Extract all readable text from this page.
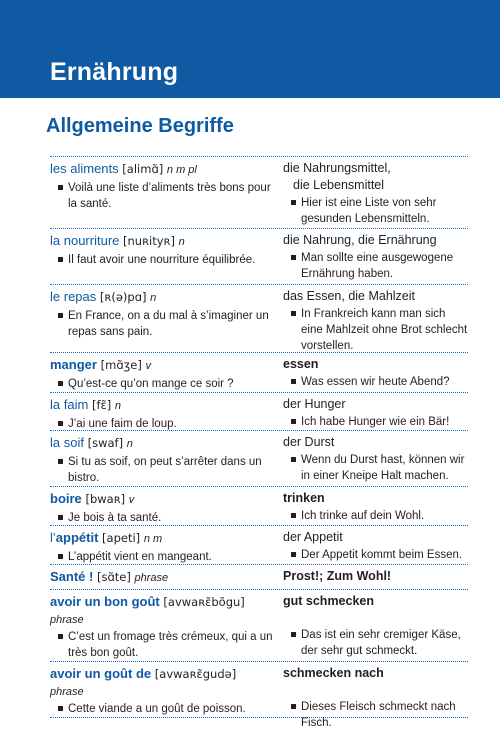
Ernährung
Allgemeine Begriffe
les aliments [alimɑ̃] n m pl
Voilà une liste d’aliments très bons pour la santé.
die Nahrungsmittel,
die Lebensmittel
Hier ist eine Liste von sehr gesunden Lebensmitteln.
la nourriture [nuʀityʀ] n
Il faut avoir une nourriture équilibrée.
die Nahrung, die Ernährung
Man sollte eine ausgewogene Ernährung haben.
le repas [ʀ(ə)pɑ] n
En France, on a du mal à s’imaginer un repas sans pain.
das Essen, die Mahlzeit
In Frankreich kann man sich eine Mahlzeit ohne Brot schlecht vorstellen.
manger [mɑ̃ʒe] v
Qu’est-ce qu’on mange ce soir ?
essen
Was essen wir heute Abend?
la faim [fɛ̃] n
J’ai une faim de loup.
der Hunger
Ich habe Hunger wie ein Bär!
la soif [swaf] n
Si tu as soif, on peut s’arrêter dans un bistro.
der Durst
Wenn du Durst hast, können wir in einer Kneipe Halt machen.
boire [bwaʀ] v
Je bois à ta santé.
trinken
Ich trinke auf dein Wohl.
l’appétit [apeti] n m
L’appétit vient en mangeant.
der Appetit
Der Appetit kommt beim Essen.
Santé ! [sɑ̃te] phrase	Prost!; Zum Wohl!
avoir un bon goût [avwaʀɛ̃bõgu]
phrase
C’est un fromage très crémeux, qui a un très bon goût.
gut schmecken
Das ist ein sehr cremiger Käse, der sehr gut schmeckt.
avoir un goût de [avwaʀɛ̃gudə]
phrase
Cette viande a un goût de poisson.
schmecken nach
Dieses Fleisch schmeckt nach Fisch.
